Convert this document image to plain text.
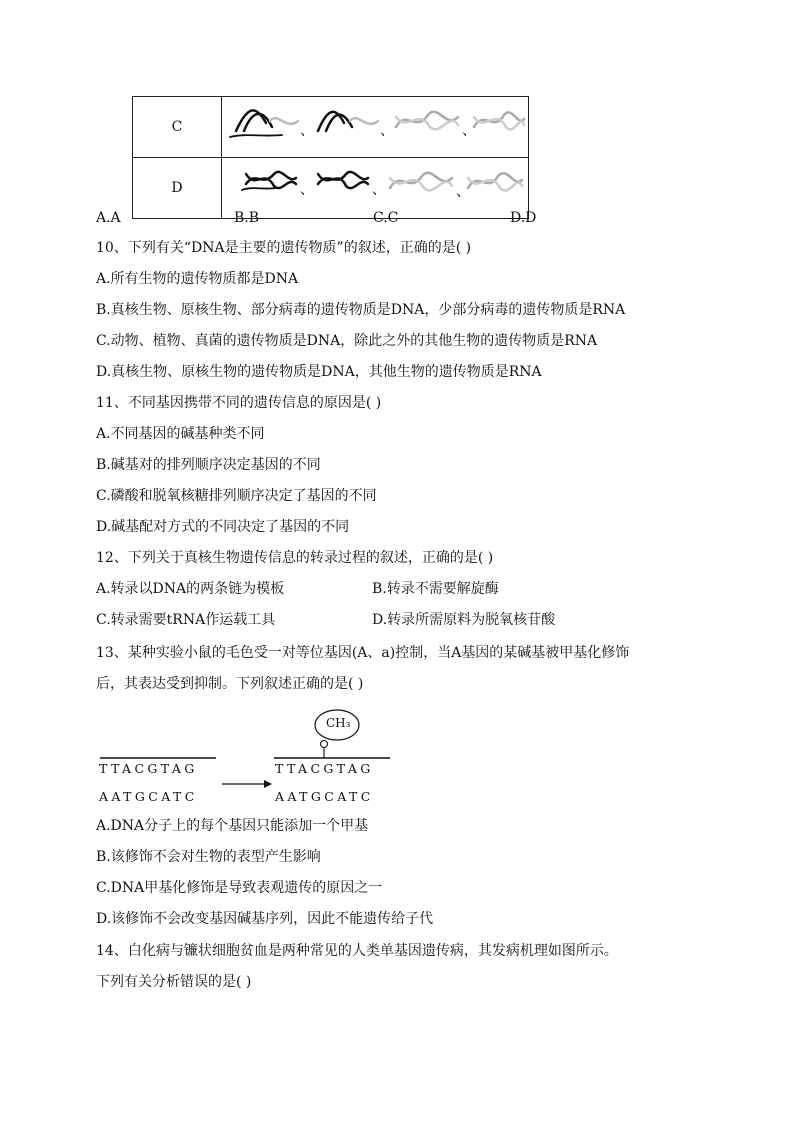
C	、 、 、

D	、 、 、
A.A	B.B	C.C	D.D
10、下列有关“DNA是主要的遗传物质”的叙述，正确的是( )
A.所有生物的遗传物质都是DNA
B.真核生物、原核生物、部分病毒的遗传物质是DNA，少部分病毒的遗传物质是RNA
C.动物、植物、真菌的遗传物质是DNA，除此之外的其他生物的遗传物质是RNA
D.真核生物、原核生物的遗传物质是DNA，其他生物的遗传物质是RNA
11、不同基因携带不同的遗传信息的原因是( )
A.不同基因的碱基种类不同
B.碱基对的排列顺序决定基因的不同
C.磷酸和脱氧核糖排列顺序决定了基因的不同
D.碱基配对方式的不同决定了基因的不同
12、下列关于真核生物遗传信息的转录过程的叙述，正确的是( )
A.转录以DNA的两条链为模板	B.转录不需要解旋酶
C.转录需要tRNA作运载工具	D.转录所需原料为脱氧核苷酸
13、某种实验小鼠的毛色受一对等位基因(A、a)控制，当A基因的某碱基被甲基化修饰
后，其表达受到抑制。下列叙述正确的是( )
TTACGTAG
AATGCATC
TTACGTAG
AATGCATC
CH₃
A.DNA分子上的每个基因只能添加一个甲基
B.该修饰不会对生物的表型产生影响
C.DNA甲基化修饰是导致表观遗传的原因之一
D.该修饰不会改变基因碱基序列，因此不能遗传给子代
14、白化病与镰状细胞贫血是两种常见的人类单基因遗传病，其发病机理如图所示。
下列有关分析错误的是( )
